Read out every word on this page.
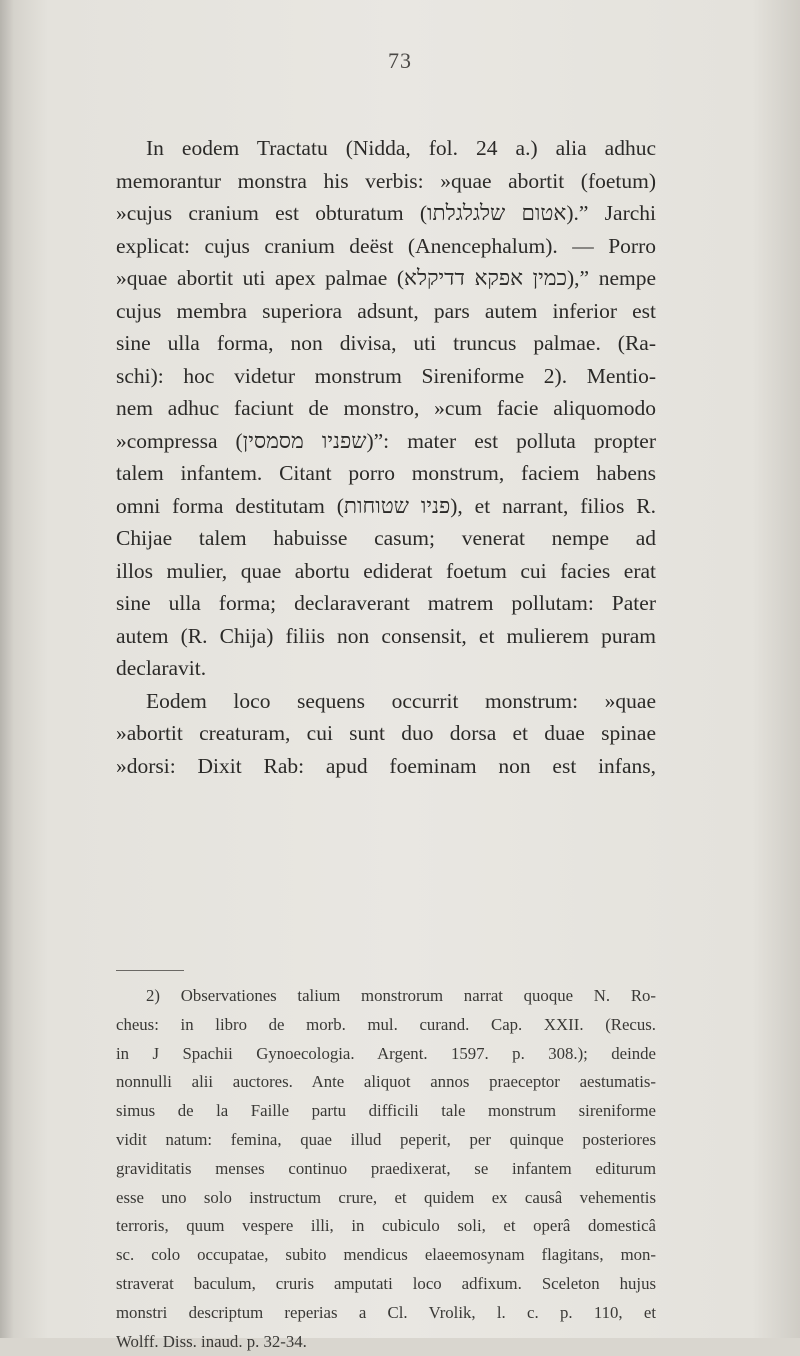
73
In eodem Tractatu (Nidda, fol. 24 a.) alia adhuc
memorantur monstra his verbis: »quae abortit (foetum)
»cujus cranium est obturatum (אטום שלגלגלתו).” Jarchi
explicat: cujus cranium deëst (Anencephalum). — Porro
»quae abortit uti apex palmae (כמין אפקא דדיקלא),” nempe
cujus membra superiora adsunt, pars autem inferior est
sine ulla forma, non divisa, uti truncus palmae. (Ra-
schi): hoc videtur monstrum Sireniforme 2). Mentio-
nem adhuc faciunt de monstro, »cum facie aliquomodo
»compressa (שפניו מסמסין)”: mater est polluta propter
talem infantem. Citant porro monstrum, faciem habens
omni forma destitutam (פניו שטוחות), et narrant, filios R.
Chijae talem habuisse casum; venerat nempe ad
illos mulier, quae abortu ediderat foetum cui facies erat
sine ulla forma; declaraverant matrem pollutam: Pater
autem (R. Chija) filiis non consensit, et mulierem puram
declaravit.
Eodem loco sequens occurrit monstrum: »quae
»abortit creaturam, cui sunt duo dorsa et duae spinae
»dorsi: Dixit Rab: apud foeminam non est infans,
2) Observationes talium monstrorum narrat quoque N. Ro-
cheus: in libro de morb. mul. curand. Cap. XXII. (Recus.
in J Spachii Gynoecologia. Argent. 1597. p. 308.); deinde
nonnulli alii auctores. Ante aliquot annos praeceptor aestumatis-
simus de la Faille partu difficili tale monstrum sireniforme
vidit natum: femina, quae illud peperit, per quinque posteriores
graviditatis menses continuo praedixerat, se infantem editurum
esse uno solo instructum crure, et quidem ex causâ vehementis
terroris, quum vespere illi, in cubiculo soli, et operâ domesticâ
sc. colo occupatae, subito mendicus elaeemosynam flagitans, mon-
straverat baculum, cruris amputati loco adfixum. Sceleton hujus
monstri descriptum reperias a Cl. Vrolik, l. c. p. 110, et
Wolff. Diss. inaud. p. 32-34.
